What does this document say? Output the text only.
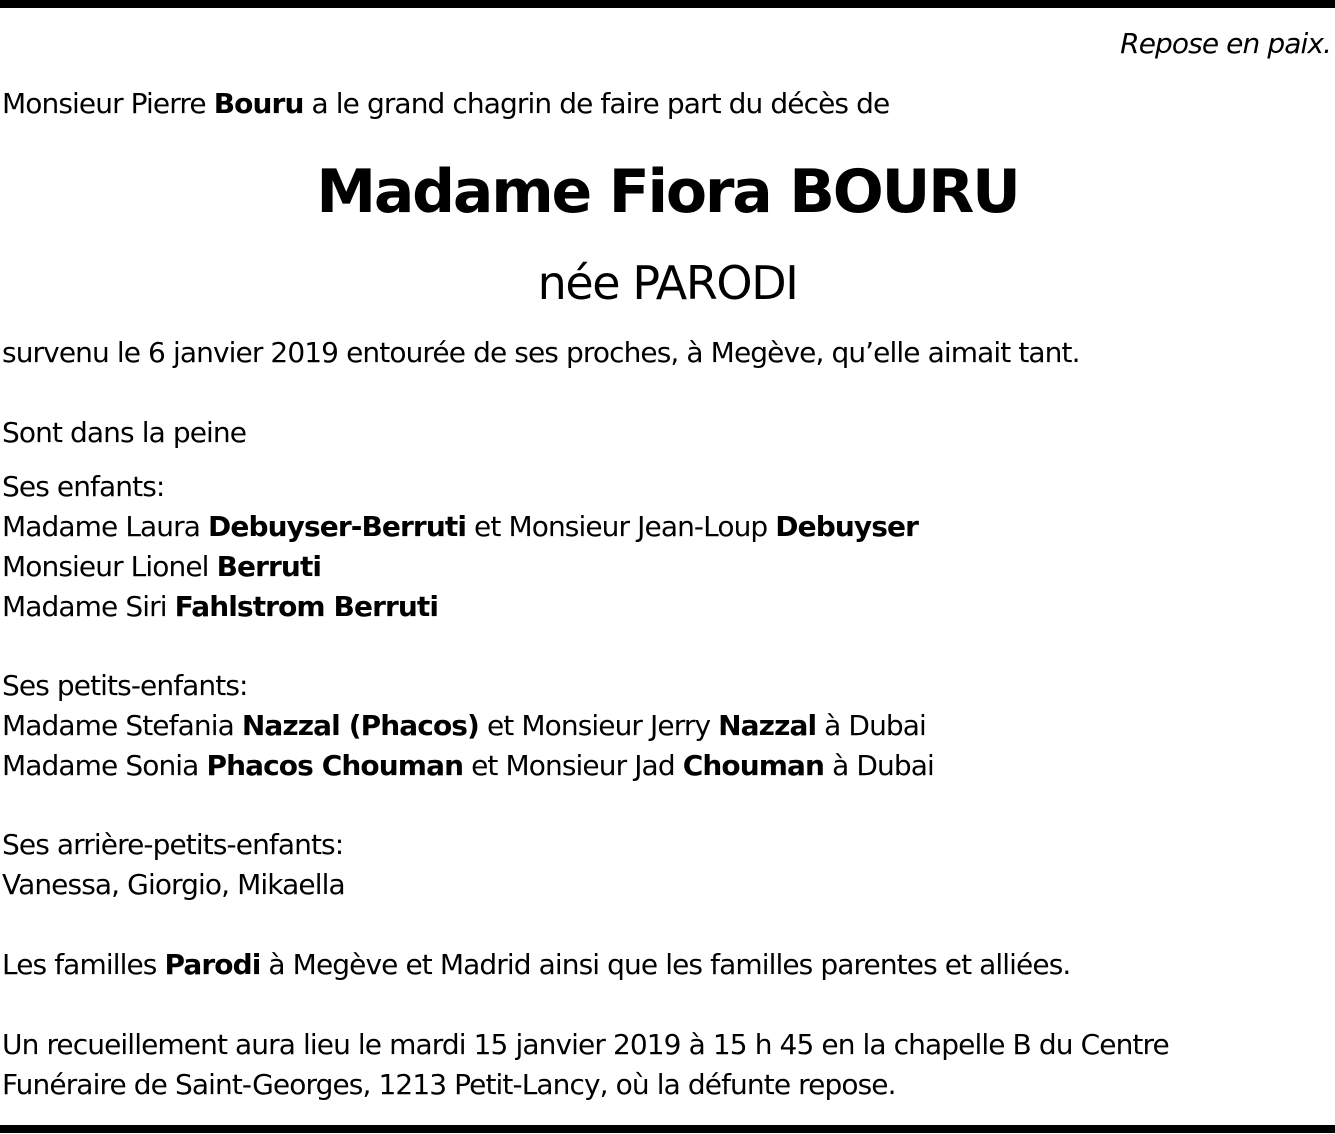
Repose en paix.
Monsieur Pierre Bouru a le grand chagrin de faire part du décès de
Madame Fiora BOURU
née PARODI
survenu le 6 janvier 2019 entourée de ses proches, à Megève, qu’elle aimait tant.
Sont dans la peine
Ses enfants:
Madame Laura Debuyser-Berruti et Monsieur Jean-Loup Debuyser
Monsieur Lionel Berruti
Madame Siri Fahlstrom Berruti
Ses petits-enfants:
Madame Stefania Nazzal (Phacos) et Monsieur Jerry Nazzal à Dubai
Madame Sonia Phacos Chouman et Monsieur Jad Chouman à Dubai
Ses arrière-petits-enfants:
Vanessa, Giorgio, Mikaella
Les familles Parodi à Megève et Madrid ainsi que les familles parentes et alliées.
Un recueillement aura lieu le mardi 15 janvier 2019 à 15 h 45 en la chapelle B du Centre
Funéraire de Saint-Georges, 1213 Petit-Lancy, où la défunte repose.
